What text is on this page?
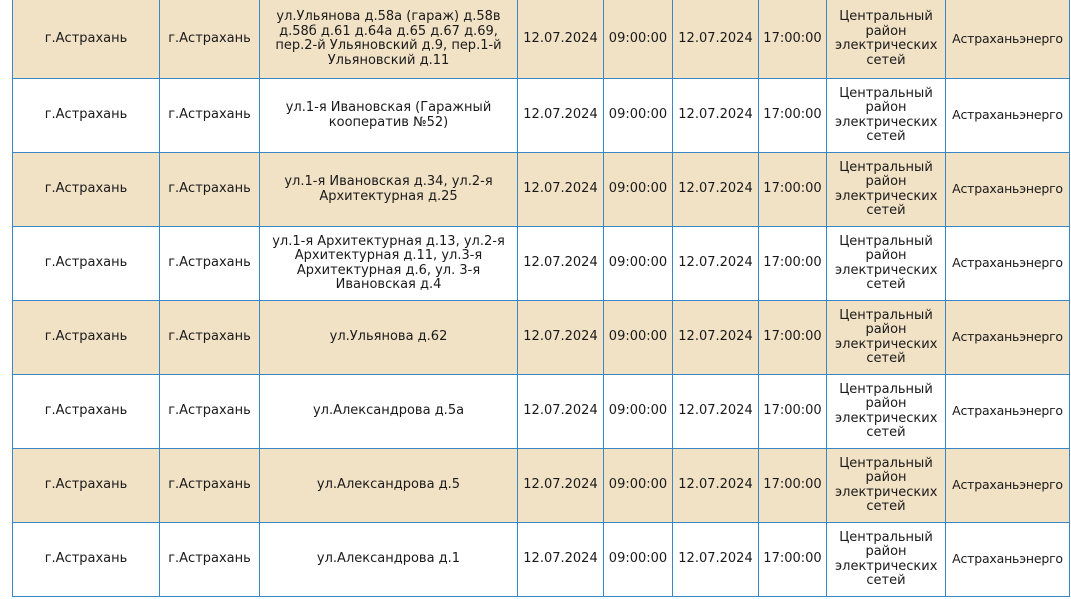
г.Астрахань	г.Астрахань	ул.Ульянова д.58а (гараж) д.58в д.58б д.61 д.64а д.65 д.67 д.69, пер.2-й Ульяновский д.9, пер.1-й Ульяновский д.11	12.07.2024	09:00:00	12.07.2024	17:00:00	Центральный район электрических сетей	Астраханьэнерго
г.Астрахань	г.Астрахань	ул.1-я Ивановская (Гаражный кооператив №52)	12.07.2024	09:00:00	12.07.2024	17:00:00	Центральный район электрических сетей	Астраханьэнерго
г.Астрахань	г.Астрахань	ул.1-я Ивановская д.34, ул.2-я Архитектурная д.25	12.07.2024	09:00:00	12.07.2024	17:00:00	Центральный район электрических сетей	Астраханьэнерго
г.Астрахань	г.Астрахань	ул.1-я Архитектурная д.13, ул.2-я Архитектурная д.11, ул.3-я Архитектурная д.6, ул. 3-я Ивановская д.4	12.07.2024	09:00:00	12.07.2024	17:00:00	Центральный район электрических сетей	Астраханьэнерго
г.Астрахань	г.Астрахань	ул.Ульянова д.62	12.07.2024	09:00:00	12.07.2024	17:00:00	Центральный район электрических сетей	Астраханьэнерго
г.Астрахань	г.Астрахань	ул.Александрова д.5а	12.07.2024	09:00:00	12.07.2024	17:00:00	Центральный район электрических сетей	Астраханьэнерго
г.Астрахань	г.Астрахань	ул.Александрова д.5	12.07.2024	09:00:00	12.07.2024	17:00:00	Центральный район электрических сетей	Астраханьэнерго
г.Астрахань	г.Астрахань	ул.Александрова д.1	12.07.2024	09:00:00	12.07.2024	17:00:00	Центральный район электрических сетей	Астраханьэнерго
